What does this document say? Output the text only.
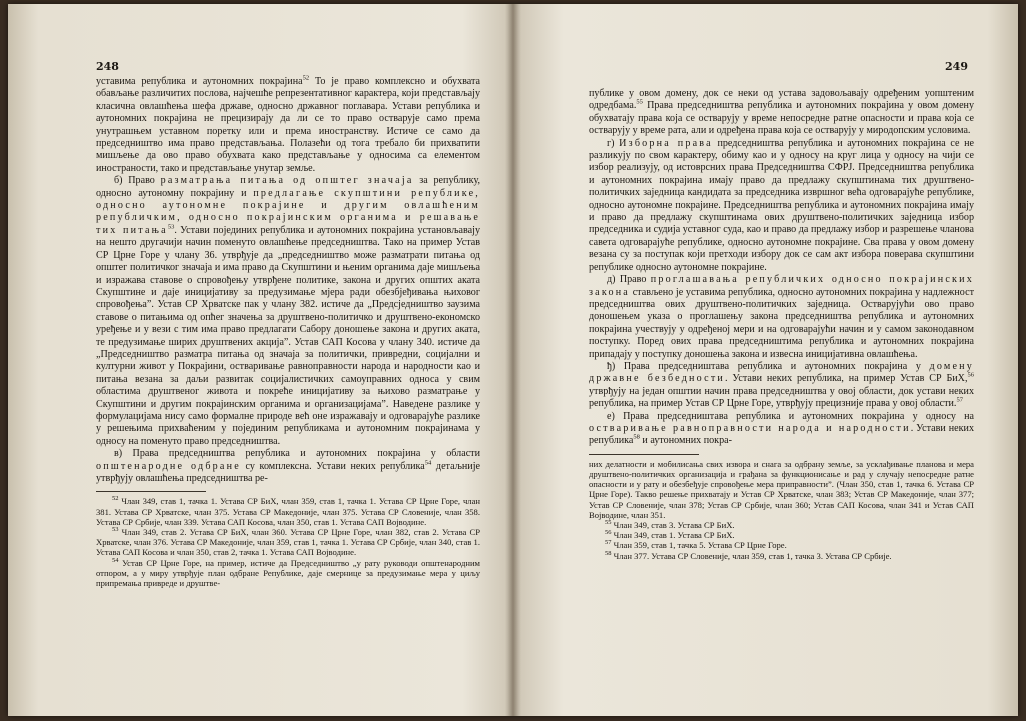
248

уставима република и аутономних покрајина$^{52}$ То је право комплексно и обухвата обављање различитих послова, најчешће репрезентативног карактера, који представљају класична овлашћења шефа државе, односно државног поглавара. Устави република и аутономних покрајина не прецизирају да ли се то право остварује само према унутрашњем уставном поретку или и према иностранству. Истиче се само да председништво има право представљања. Полазећи од тога требало би прихватити мишљење да ово право обухвата како представљање у односима са елементом иностраности, тако и представљање унутар земље.

б) Право разматрања питања од општег значаја за републику, односно аутономну покрајину и предлагање скупштини републике, односно аутономне покрајине и другим овлашћеним републичким, односно покрајинским органима и решавање тих питања$^{53}$. Устави појединих република и аутономних покрајина установљавају на нешто другачији начин поменуто овлашћење председништва. Тако на пример Устав СР Црне Горе у члану 36. утврђује да „председништво може разматрати питања од општег политичког значаја и има право да Скупштини и њеним органима даје мишљења и изражава ставове о спровођењу утврђене политике, закона и других општих аката Скупштине и даје иницијативу за предузимање мјера ради обезбјеђивања њиховог спровођења”. Устав СР Хрватске пак у члану 382. истиче да „Предсједништво заузима ставове о питањима од опћег значења за друштвено-политичко и друштвено-економско уређење и у вези с тим има право предлагати Сабору доношење закона и других аката, те предузимање ширих друштвених акција”. Устав САП Косова у члану 340. истиче да „Председништво разматра питања од значаја за политички, привредни, социјални и културни живот у Покрајини, остваривање равноправности народа и народности као и питања везана за даљи развитак социјалистичких самоуправних односа у свим областима друштвеног живота и покреће иницијативу за њихово разматрање у Скупштини и другим покрајинским органима и организацијама”. Наведене разлике у формулацијама нису само формалне природе већ оне изражавају и одговарајуће разлике у решењима прихваћеним у појединим републикама и аутономним покрајинама у односу на поменуто право председништва.

в) Права председништва република и аутономних покрајина у области општенародне одбране су комплексна. Устави неких република$^{54}$ детаљније утврђују овлашћења председништва ре-

$^{52}$ Члан 349, став 1, тачка 1. Устава СР БиХ, члан 359, став 1, тачка 1. Устава СР Црне Горе, члан 381. Устава СР Хрватске, члан 375. Устава СР Македоније, члан 375. Устава СР Словеније, члан 358. Устава СР Србије, члан 339. Устава САП Косова, члан 350, став 1. Устава САП Војводине.

$^{53}$ Члан 349, став 2. Устава СР БиХ, члан 360. Устава СР Црне Горе, члан 382, став 2. Устава СР Хрватске, члан 376. Устава СР Македоније, члан 359, став 1, тачка 1. Устава СР Србије, члан 340, став 1. Устава САП Косова и члан 350, став 2, тачка 1. Устава САП Војводине.

$^{54}$ Устав СР Црне Горе, на пример, истиче да Председништво „у рату руководи општенародним отпором, а у миру утврђује план одбране Републике, даје смернице за предузимање мера у циљу припремања привреде и друштве-

249

публике у овом домену, док се неки од устава задовољавају одређеним уопштеним одредбама.$^{55}$ Права председништва република и аутономних покрајина у овом домену обухватају права која се остварују у време непосредне ратне опасности и права која се остварују у време рата, али и одређена права која се остварују у миродопским условима.

г) Изборна права председништва република и аутономних покрајина се не разликују по свом карактеру, обиму као и у односу на круг лица у односу на чији се избор реализују, од истоврсних права Председништва СФРЈ. Председништва република и аутономних покрајина имају право да предлажу скупштинама тих друштвено-политичких заједница кандидата за председника извршног већа одговарајуће републике, односно аутономне покрајине. Председништва република и аутономних покрајина имају и право да предлажу скупштинама ових друштвено-политичких заједница избор председника и судија уставног суда, као и право да предлажу избор и разрешење чланова савета одговарајуће републике, односно аутономне покрајине. Сва права у овом домену везана су за поступак који претходи избору док се сам акт избора поверава скупштини републике односно аутономне покрајине.

д) Право проглашавања републичких односно покрајинских закона стављено је уставима република, односно аутономних покрајина у надлежност председништва ових друштвено-политичких заједница. Остварујући ово право доношењем указа о проглашењу закона председништва република и аутономних покрајина учествују у одређеној мери и на одговарајући начин и у самом законодавном поступку. Поред ових права председништима република и аутономних покрајина припадају у поступку доношења закона и извесна иницијативна овлашћења.

ђ) Права председништава република и аутономних покрајина у домену државне безбедности. Устави неких република, на пример Устав СР БиХ,$^{56}$ утврђују на један општии начин права председништва у овој области, док устави неких република, на пример Устав СР Црне Горе, утврђују прецизније права у овој области.$^{57}$

е) Права председништава република и аутономних покрајина у односу на остваривање равноправности народа и народности. Устави неких република$^{58}$ и аутономних покра-

них делатности и мобилисања свих извора и снага за одбрану земље, за усклађивање планова и мера друштвено-политичких организација и грађана за функционисање и рад у случају непосредне ратне опасности и у рату и обезбеђује спровођење мера приправности”. (Члан 350, став 1, тачка 6. Устава СР Црне Горе). Такво решење прихватају и Устав СР Хрватске, члан 383; Устав СР Македоније, члан 377; Устав СР Словеније, члан 378; Устав СР Србије, члан 360; Устав САП Косова, члан 341 и Устав САП Војводине, члан 351.

$^{55}$ Члан 349, став 3. Устава СР БиХ.

$^{56}$ Члан 349, став 1. Устава СР БиХ.

$^{57}$ Члан 359, став 1, тачка 5. Устава СР Црне Горе.

$^{58}$ Члан 377. Устава СР Словеније, члан 359, став 1, тачка 3. Устава СР Србије.
